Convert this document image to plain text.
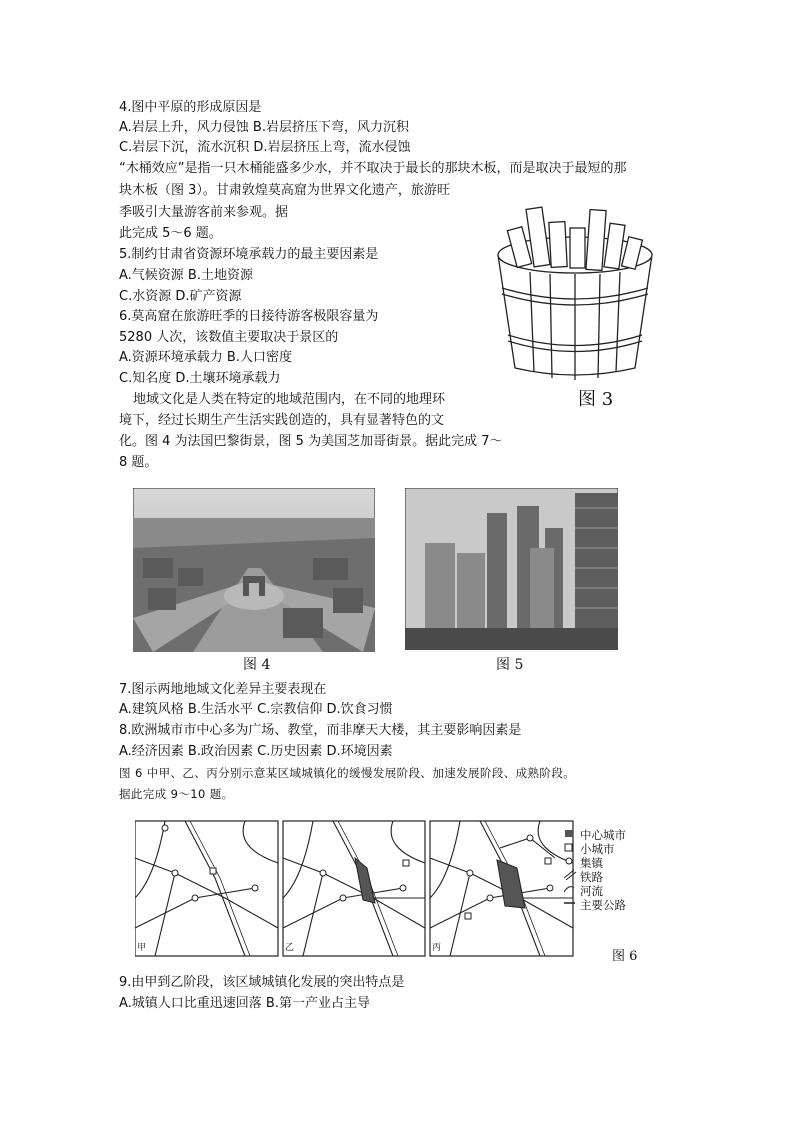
4.图中平原的形成原因是
A.岩层上升，风力侵蚀 B.岩层挤压下弯，风力沉积
C.岩层下沉，流水沉积 D.岩层挤压上弯，流水侵蚀
“木桶效应”是指一只木桶能盛多少水，并不取决于最长的那块木板，而是取决于最短的那
块木板（图 3）。甘肃敦煌莫高窟为世界文化遗产，旅游旺
季吸引大量游客前来参观。据
此完成 5～6 题。
5.制约甘肃省资源环境承载力的最主要因素是
A.气候资源 B.土地资源
C.水资源 D.矿产资源
6.莫高窟在旅游旺季的日接待游客极限容量为
5280 人次，该数值主要取决于景区的
A.资源环境承载力 B.人口密度
C.知名度 D.土壤环境承载力
地域文化是人类在特定的地域范围内，在不同的地理环
境下，经过长期生产生活实践创造的，具有显著特色的文
化。图 4 为法国巴黎街景，图 5 为美国芝加哥街景。据此完成 7～
8 题。
图 3
图 4	图 5
7.图示两地地域文化差异主要表现在
A.建筑风格 B.生活水平 C.宗教信仰 D.饮食习惯
8.欧洲城市市中心多为广场、教堂，而非摩天大楼，其主要影响因素是
A.经济因素 B.政治因素 C.历史因素 D.环境因素
图 6 中甲、乙、丙分别示意某区域城镇化的缓慢发展阶段、加速发展阶段、成熟阶段。
据此完成 9～10 题。
甲	乙	丙
中心城市
小城市
集镇
铁路
河流
主要公路
图 6
9.由甲到乙阶段，该区域城镇化发展的突出特点是
A.城镇人口比重迅速回落 B.第一产业占主导
